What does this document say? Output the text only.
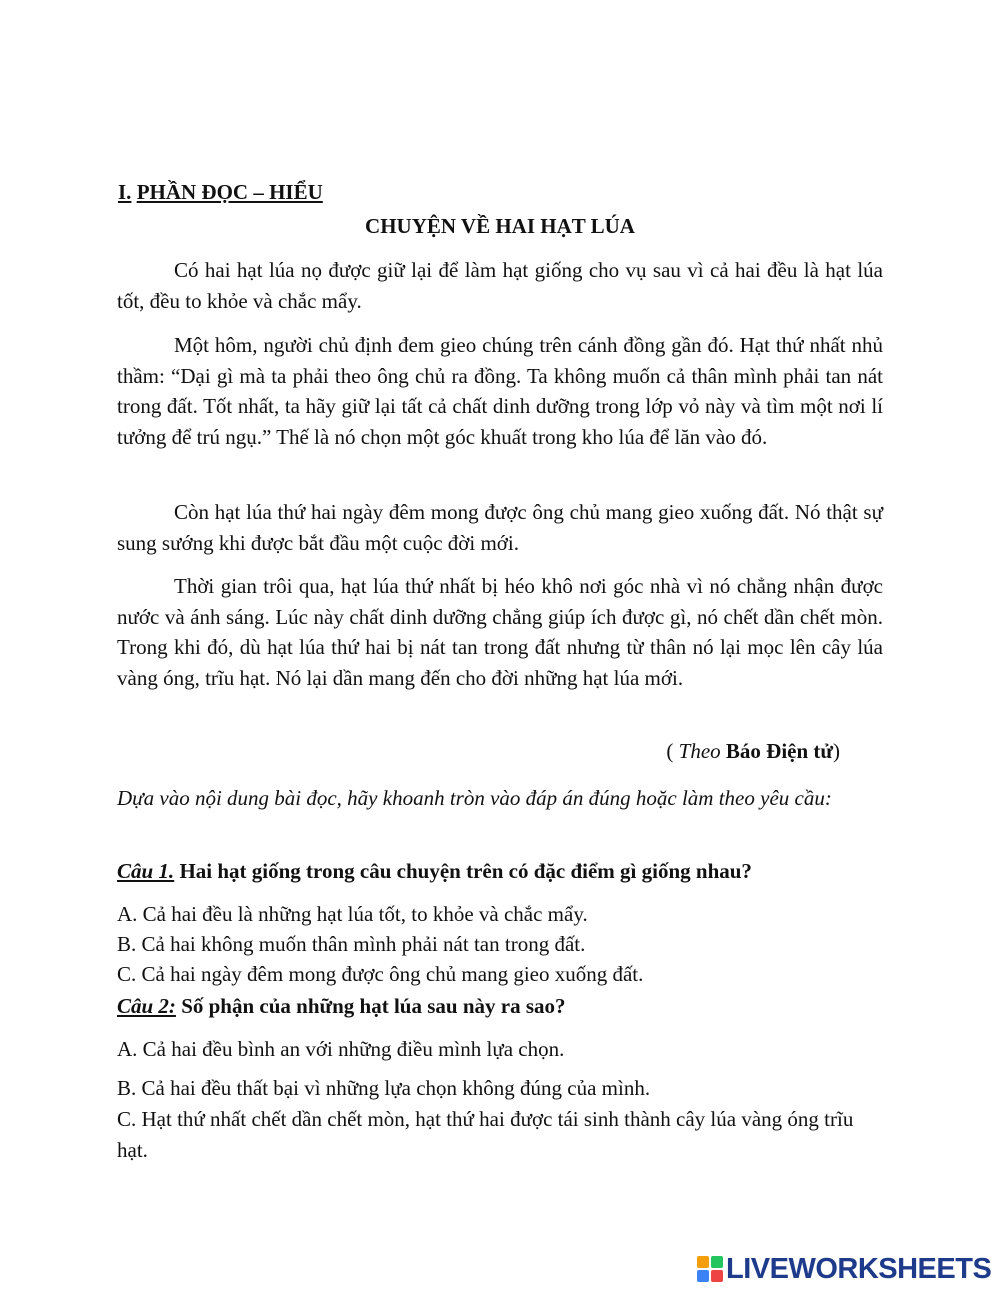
I. PHẦN ĐỌC – HIỂU

CHUYỆN VỀ HAI HẠT LÚA

Có hai hạt lúa nọ được giữ lại để làm hạt giống cho vụ sau vì cả hai đều là hạt lúa tốt, đều to khỏe và chắc mẩy.

Một hôm, người chủ định đem gieo chúng trên cánh đồng gần đó. Hạt thứ nhất nhủ thầm: “Dại gì mà ta phải theo ông chủ ra đồng. Ta không muốn cả thân mình phải tan nát trong đất. Tốt nhất, ta hãy giữ lại tất cả chất dinh dưỡng trong lớp vỏ này và tìm một nơi lí tưởng để trú ngụ.” Thế là nó chọn một góc khuất trong kho lúa để lăn vào đó.

Còn hạt lúa thứ hai ngày đêm mong được ông chủ mang gieo xuống đất. Nó thật sự sung sướng khi được bắt đầu một cuộc đời mới.

Thời gian trôi qua, hạt lúa thứ nhất bị héo khô nơi góc nhà vì nó chẳng nhận được nước và ánh sáng. Lúc này chất dinh dưỡng chẳng giúp ích được gì, nó chết dần chết mòn. Trong khi đó, dù hạt lúa thứ hai bị nát tan trong đất nhưng từ thân nó lại mọc lên cây lúa vàng óng, trĩu hạt. Nó lại dần mang đến cho đời những hạt lúa mới.

( Theo Báo Điện tử)

Dựa vào nội dung bài đọc, hãy khoanh tròn vào đáp án đúng hoặc làm theo yêu cầu:

Câu 1. Hai hạt giống trong câu chuyện trên có đặc điểm gì giống nhau?

A. Cả hai đều là những hạt lúa tốt, to khỏe và chắc mẩy.

B. Cả hai không muốn thân mình phải nát tan trong đất.

C. Cả hai ngày đêm mong được ông chủ mang gieo xuống đất.

Câu 2: Số phận của những hạt lúa sau này ra sao?

A. Cả hai đều bình an với những điều mình lựa chọn.

B. Cả hai đều thất bại vì những lựa chọn không đúng của mình.

C. Hạt thứ nhất chết dần chết mòn, hạt thứ hai được tái sinh thành cây lúa vàng óng trĩu hạt.

LIVEWORKSHEETS
